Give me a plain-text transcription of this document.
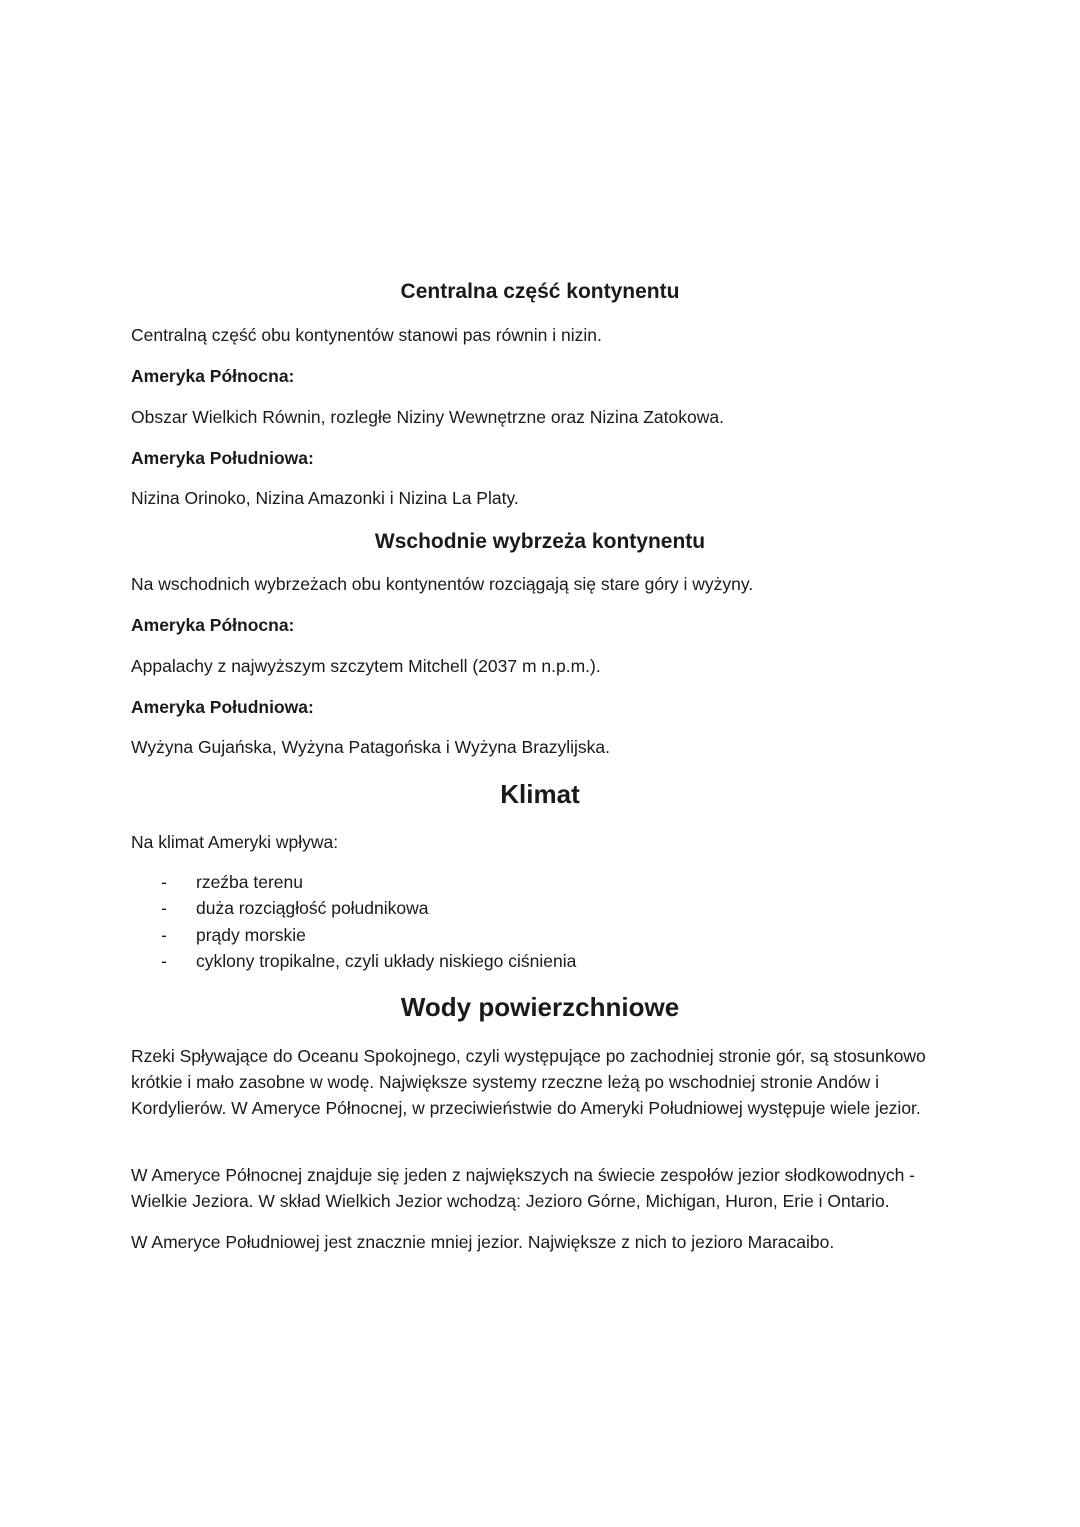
Centralna część kontynentu

Centralną część obu kontynentów stanowi pas równin i nizin.

Ameryka Północna:

Obszar Wielkich Równin, rozległe Niziny Wewnętrzne oraz Nizina Zatokowa.

Ameryka Południowa:

Nizina Orinoko, Nizina Amazonki i Nizina La Platy.

Wschodnie wybrzeża kontynentu

Na wschodnich wybrzeżach obu kontynentów rozciągają się stare góry i wyżyny.

Ameryka Północna:

Appalachy z najwyższym szczytem Mitchell (2037 m n.p.m.).

Ameryka Południowa:

Wyżyna Gujańska, Wyżyna Patagońska i Wyżyna Brazylijska.

Klimat

Na klimat Ameryki wpływa:

- rzeźba terenu
- duża rozciągłość południkowa
- prądy morskie
- cyklony tropikalne, czyli układy niskiego ciśnienia
Wody powierzchniowe

Rzeki Spływające do Oceanu Spokojnego, czyli występujące po zachodniej stronie gór, są stosunkowo krótkie i mało zasobne w wodę. Największe systemy rzeczne leżą po wschodniej stronie Andów i Kordylierów. W Ameryce Północnej, w przeciwieństwie do Ameryki Południowej występuje wiele jezior.

W Ameryce Północnej znajduje się jeden z największych na świecie zespołów jezior słodkowodnych - Wielkie Jeziora. W skład Wielkich Jezior wchodzą: Jezioro Górne, Michigan, Huron, Erie i Ontario.

W Ameryce Południowej jest znacznie mniej jezior. Największe z nich to jezioro Maracaibo.
